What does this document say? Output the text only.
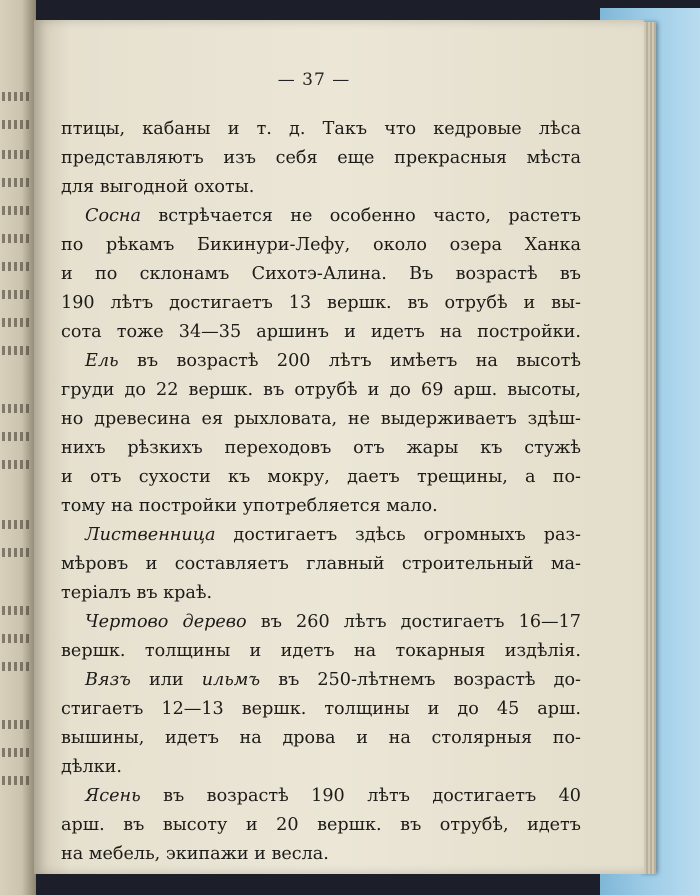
— 37 —
птицы, кабаны и т. д. Такъ что кедровые лѣса
представляютъ изъ себя еще прекрасныя мѣста
для выгодной охоты.
Сосна встрѣчается не особенно часто, растетъ
по рѣкамъ Бикинури-Лефу, около озера Ханка
и по склонамъ Сихотэ-Алина. Въ возрастѣ въ
190 лѣтъ достигаетъ 13 вершк. въ отрубѣ и вы-
сота тоже 34—35 аршинъ и идетъ на постройки.
Ель въ возрастѣ 200 лѣтъ имѣетъ на высотѣ
груди до 22 вершк. въ отрубѣ и до 69 арш. высоты,
но древесина ея рыхловата, не выдерживаетъ здѣш-
нихъ рѣзкихъ переходовъ отъ жары къ стужѣ
и отъ сухости къ мокру, даетъ трещины, а по-
тому на постройки употребляется мало.
Лиственница достигаетъ здѣсь огромныхъ раз-
мѣровъ и составляетъ главный строительный ма-
теріалъ въ краѣ.
Чертово дерево въ 260 лѣтъ достигаетъ 16—17
вершк. толщины и идетъ на токарныя издѣлія.
Вязъ или ильмъ въ 250-лѣтнемъ возрастѣ до-
стигаетъ 12—13 вершк. толщины и до 45 арш.
вышины, идетъ на дрова и на столярныя по-
дѣлки.
Ясень въ возрастѣ 190 лѣтъ достигаетъ 40
арш. въ высоту и 20 вершк. въ отрубѣ, идетъ
на мебель, экипажи и весла.
